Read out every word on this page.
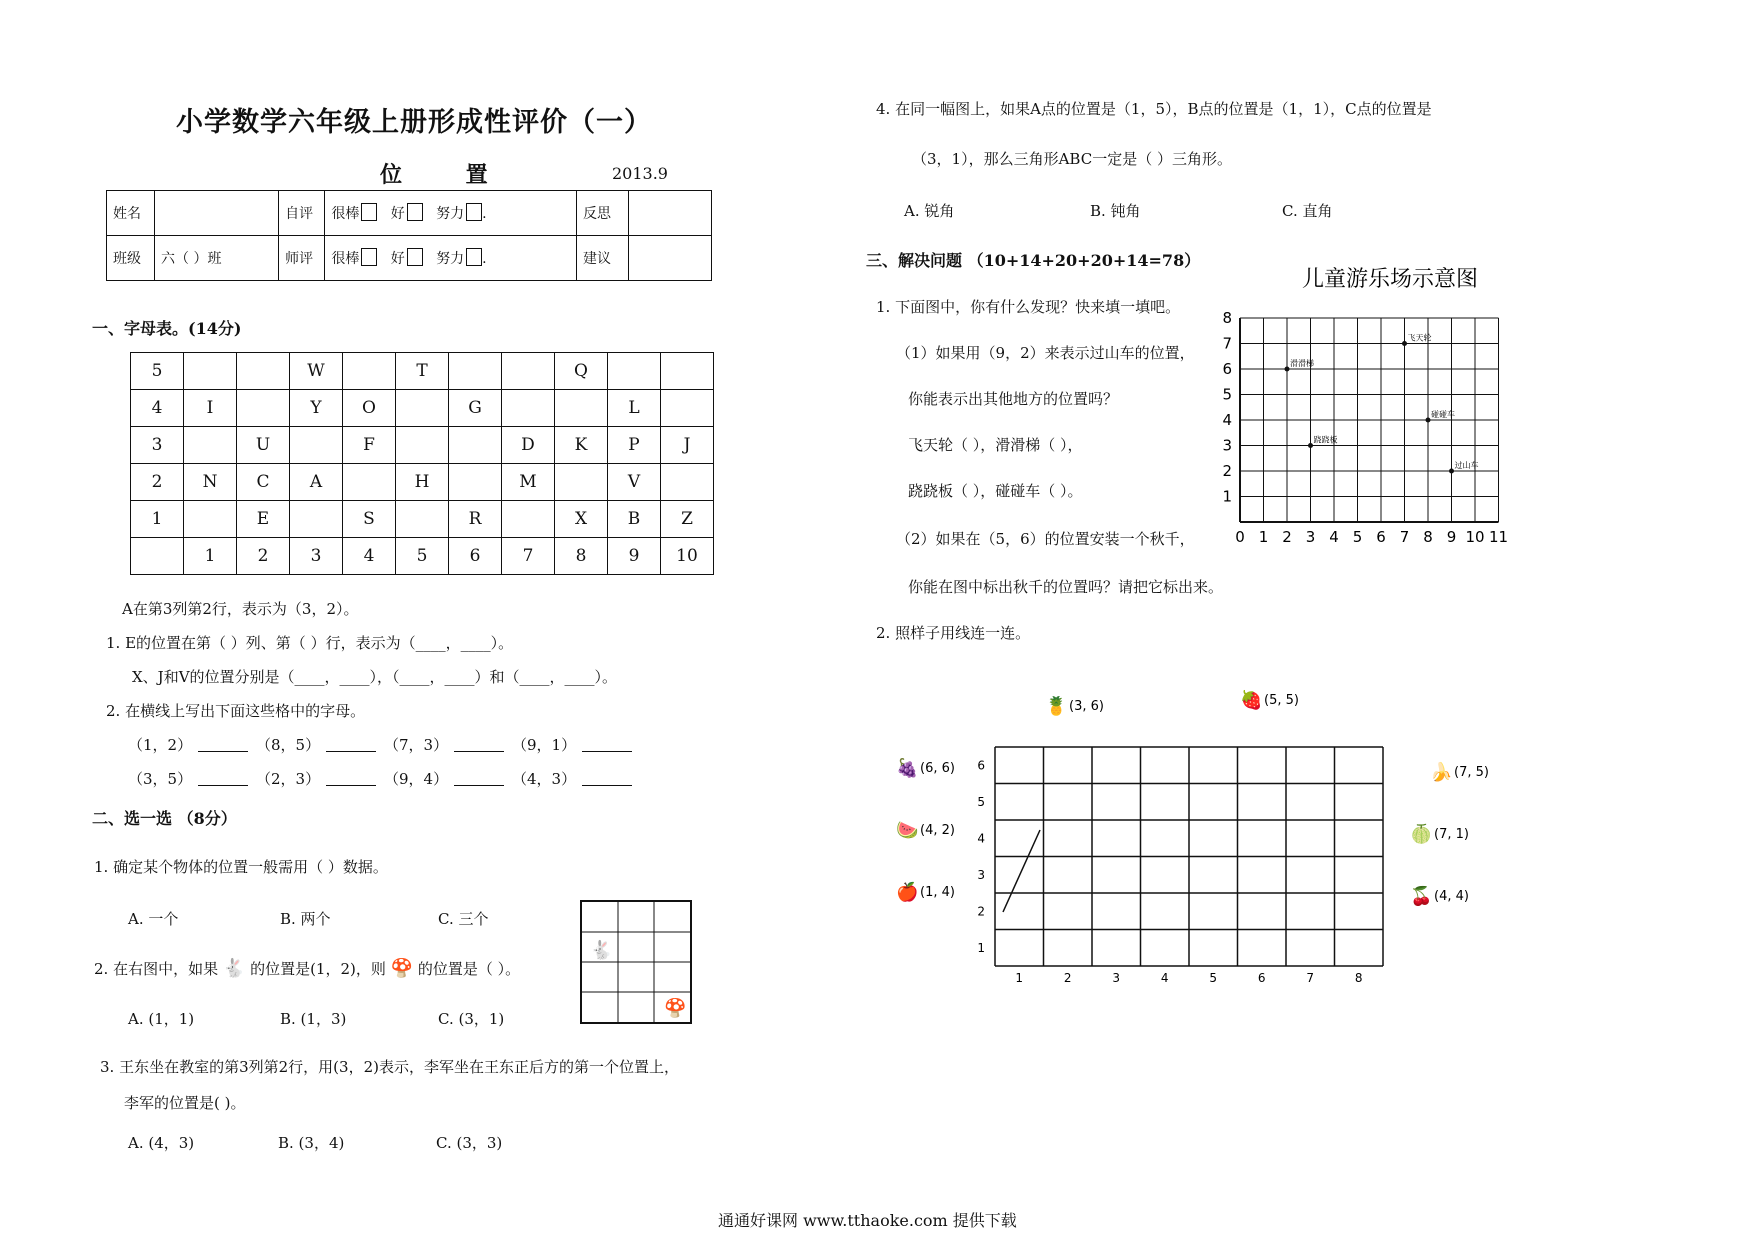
小学数学六年级上册形成性评价（一）
位 置	2013.9
姓名		自评	很棒 好 努力 .	反思	
班级	六（ ）班	师评	很棒 好 努力 .	建议	
一、字母表。(14分)
5			W		T			Q		
4	I		Y	O		G			L	
3		U		F			D	K	P	J
2	N	C	A		H		M		V	
1		E		S		R		X	B	Z
	1	2	3	4	5	6	7	8	9	10
A在第3列第2行，表示为（3，2）。
1. E的位置在第（ ）列、第（ ）行，表示为（____，____）。
X、J和V的位置分别是（____，____），（____，____）和（____，____）。
2. 在横线上写出下面这些格中的字母。
（1，2）	（8，5）	（7，3）	（9，1）
（3，5）	（2，3）	（9，4）	（4，3）
二、选一选 （8分）
1. 确定某个物体的位置一般需用（ ）数据。
A. 一个	B. 两个	C. 三个
2. 在右图中，如果 🐇 的位置是(1，2)，则 🍄 的位置是（ ）。
🐇
🍄
A. (1，1)	B. (1，3)	C. (3，1)
3. 王东坐在教室的第3列第2行，用(3，2)表示，李军坐在王东正后方的第一个位置上，
李军的位置是( )。
A. (4，3)	B. (3，4)	C. (3，3)
4. 在同一幅图上，如果A点的位置是（1，5），B点的位置是（1，1），C点的位置是
（3，1），那么三角形ABC一定是（ ）三角形。
A. 锐角	B. 钝角	C. 直角
三、解决问题 （10+14+20+20+14=78）
1. 下面图中，你有什么发现？快来填一填吧。
（1）如果用（9，2）来表示过山车的位置，
你能表示出其他地方的位置吗？
飞天轮（ ），滑滑梯（ ），
跷跷板（ ），碰碰车（ ）。
（2）如果在（5，6）的位置安装一个秋千，
你能在图中标出秋千的位置吗？请把它标出来。
2. 照样子用线连一连。
儿童游乐场示意图
0 1 2 3 4 5 6 7 8 9 10 11
1
2
3
4
5
6
7
8
飞天轮
滑滑梯
碰碰车
跷跷板
过山车
1	2	3	4	5	6	7	8
1
2
3
4
5
6
🍍 (3, 6)	🍓 (5, 5)
🍇 (6, 6)
🍉 (4, 2)
🍎 (1, 4)
🍌 (7, 5)
🍈 (7, 1)
🍒 (4, 4)
通通好课网 www.tthaoke.com 提供下载
